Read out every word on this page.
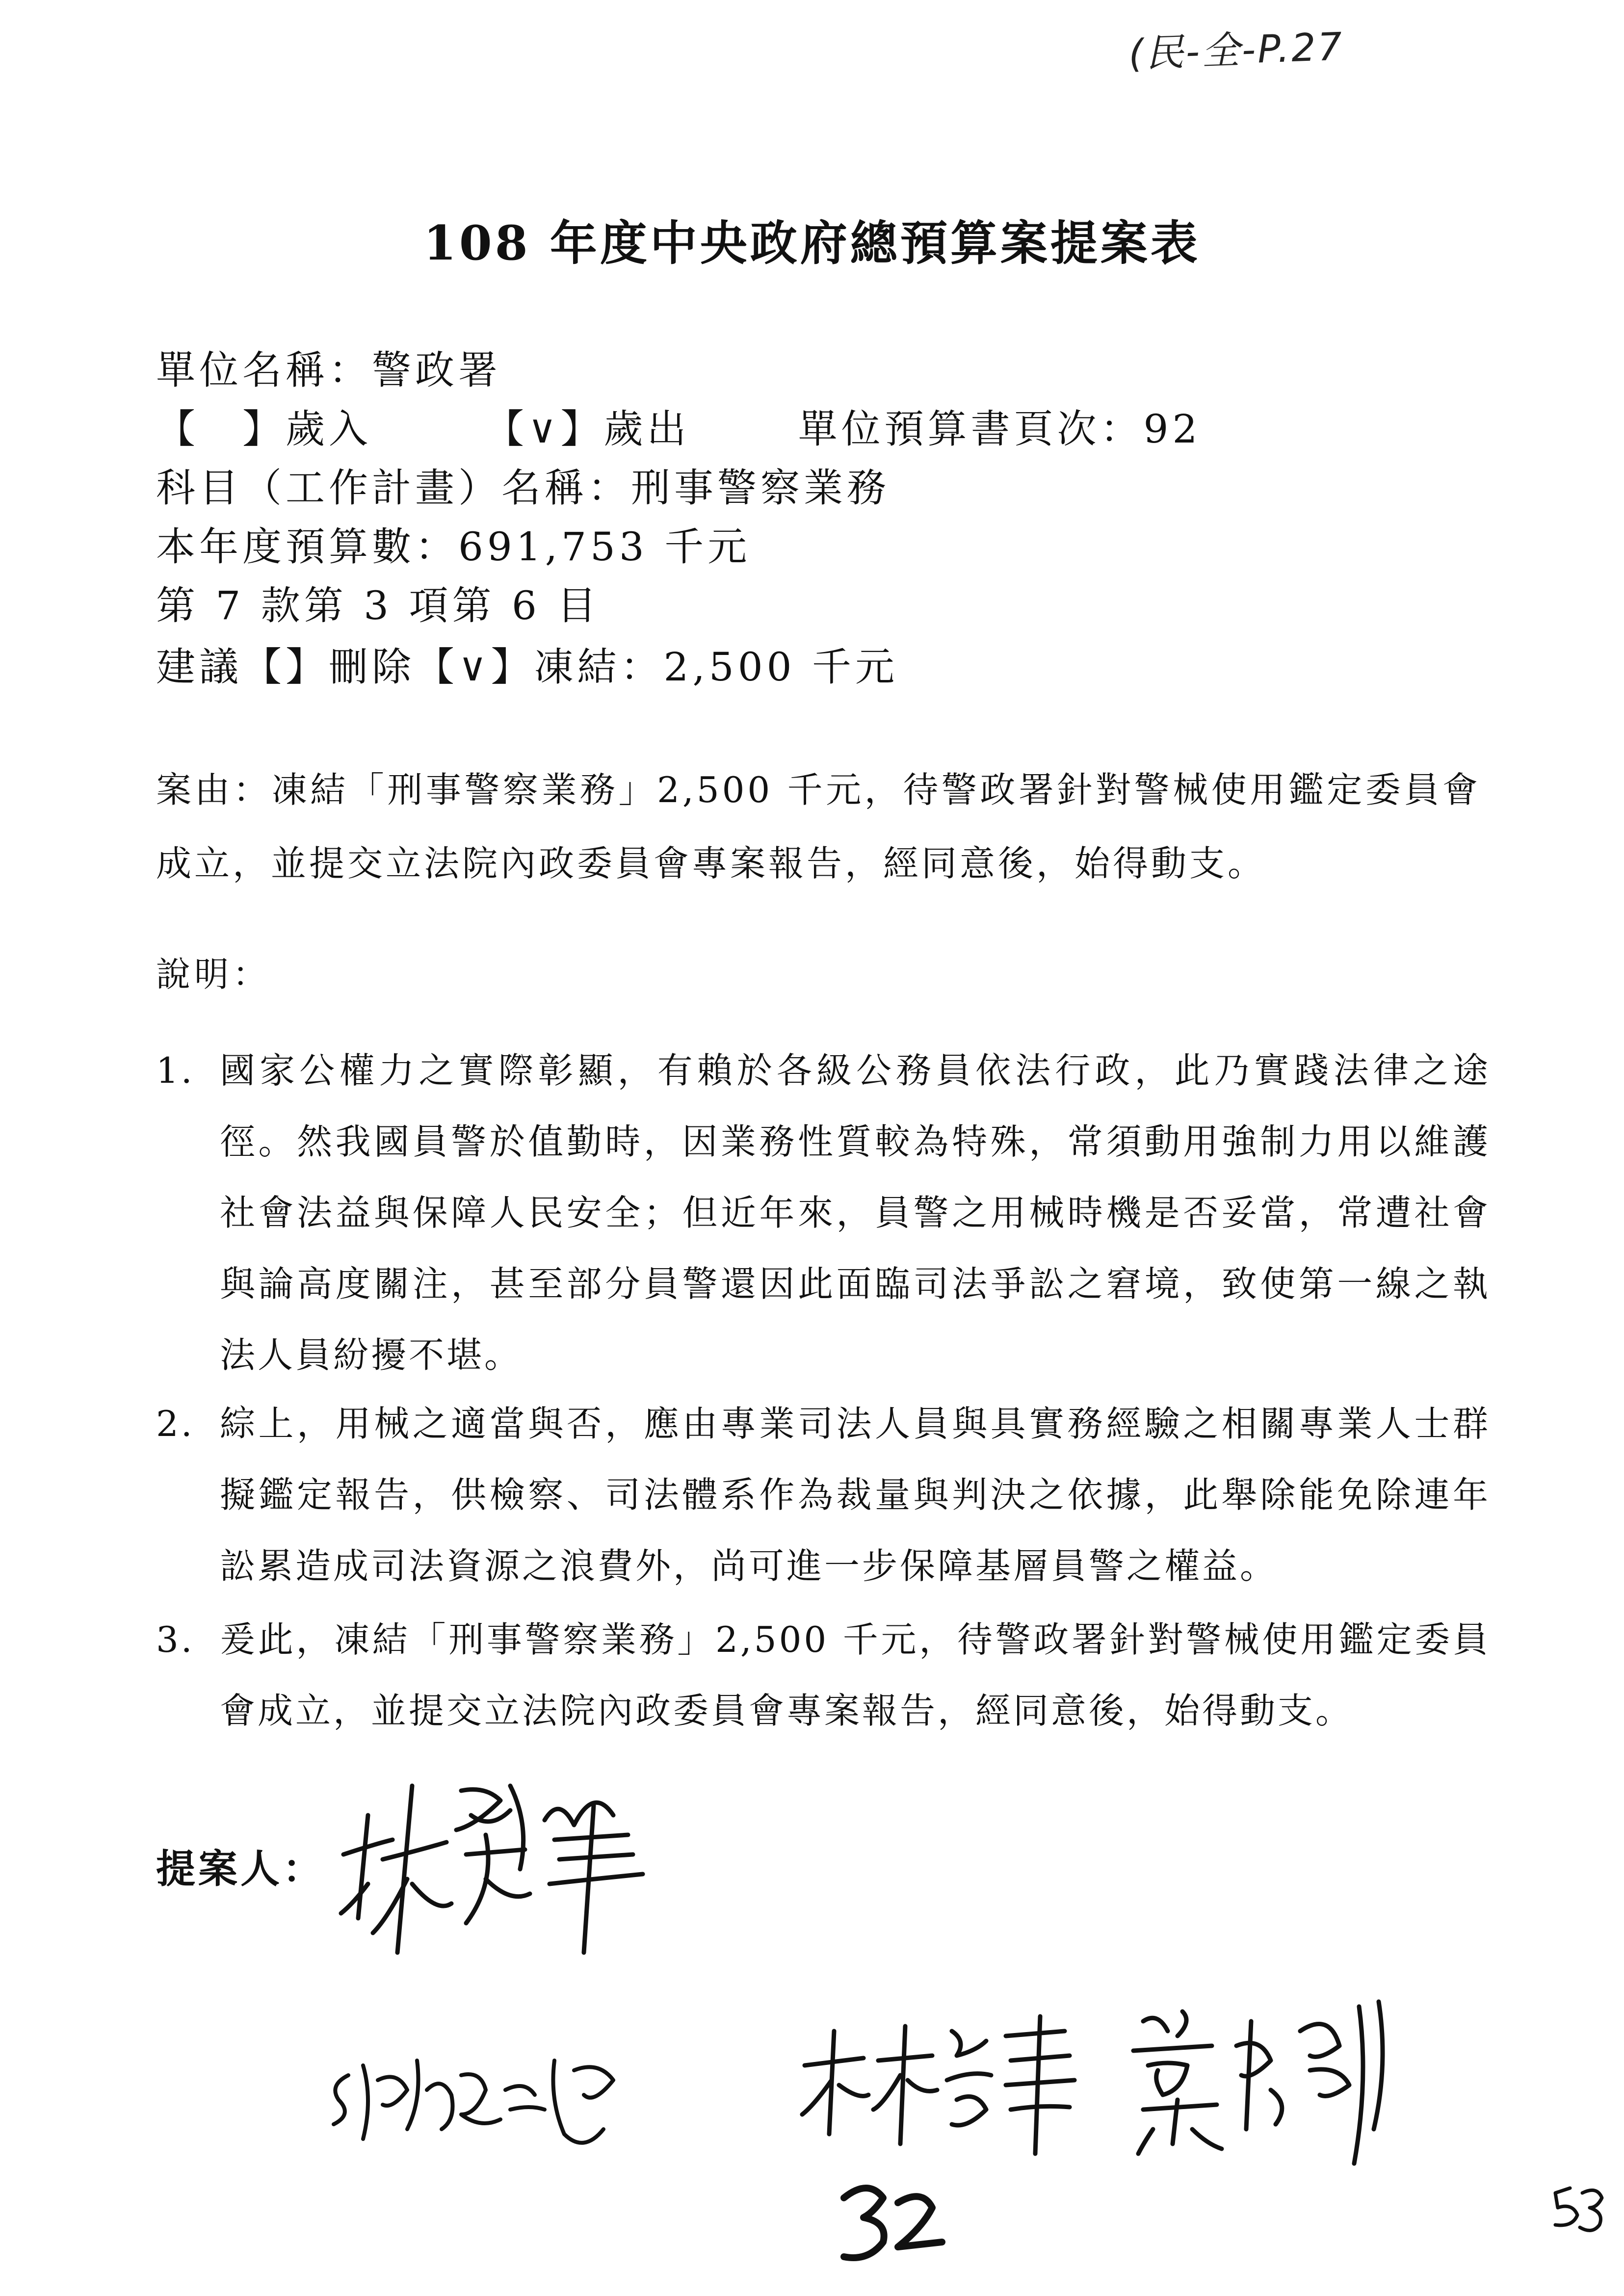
(民-全-P.27
108 年度中央政府總預算案提案表
單位名稱：警政署
【　】歲入	【∨】歲出	單位預算書頁次：92
科目（工作計畫）名稱：刑事警察業務
本年度預算數：691,753 千元
第 7 款第 3 項第 6 目
建議【】刪除【∨】凍結：2,500 千元

案由：凍結「刑事警察業務」2,500 千元，待警政署針對警械使用鑑定委員會成立，並提交立法院內政委員會專案報告，經同意後，始得動支。

說明：
1. 國家公權力之實際彰顯，有賴於各級公務員依法行政，此乃實踐法律之途徑。然我國員警於值勤時，因業務性質較為特殊，常須動用強制力用以維護社會法益與保障人民安全；但近年來，員警之用械時機是否妥當，常遭社會與論高度關注，甚至部分員警還因此面臨司法爭訟之窘境，致使第一線之執法人員紛擾不堪。
2. 綜上，用械之適當與否，應由專業司法人員與具實務經驗之相關專業人士群擬鑑定報告，供檢察、司法體系作為裁量與判決之依據，此舉除能免除連年訟累造成司法資源之浪費外，尚可進一步保障基層員警之權益。
3. 爰此，凍結「刑事警察業務」2,500 千元，待警政署針對警械使用鑑定委員會成立，並提交立法院內政委員會專案報告，經同意後，始得動支。
提案人：
